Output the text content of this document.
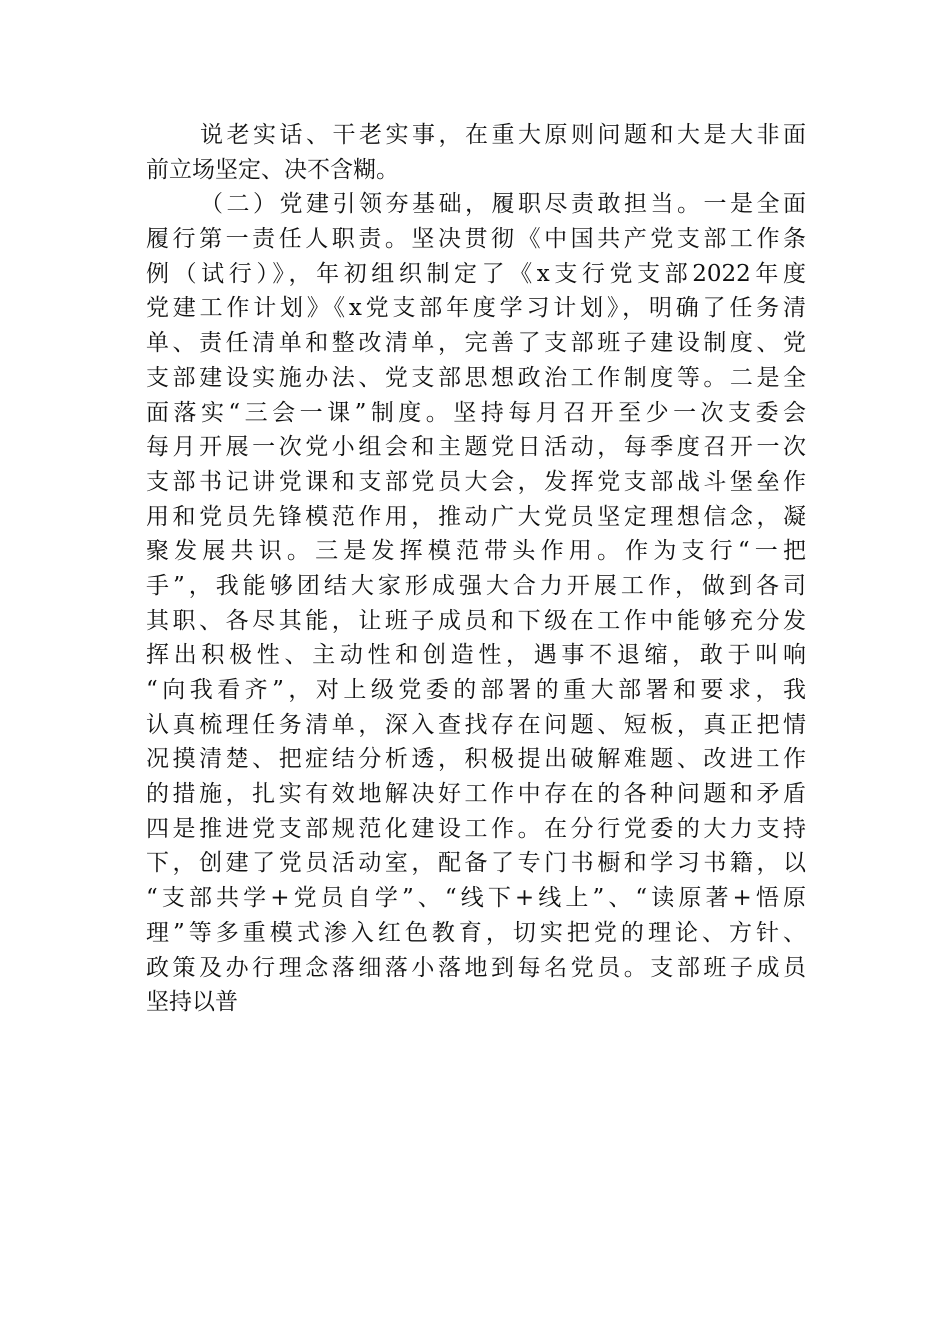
说老实话、干老实事，在重大原则问题和大是大非面
前立场坚定、决不含糊。
（二）党建引领夯基础，履职尽责敢担当。一是全面
履行第一责任人职责。坚决贯彻《中国共产党支部工作条
例（试行）》，年初组织制定了《x支行党支部2022年度
党建工作计划》《x党支部年度学习计划》，明确了任务清
单、责任清单和整改清单，完善了支部班子建设制度、党
支部建设实施办法、党支部思想政治工作制度等。二是全
面落实“三会一课”制度。坚持每月召开至少一次支委会
每月开展一次党小组会和主题党日活动，每季度召开一次
支部书记讲党课和支部党员大会，发挥党支部战斗堡垒作
用和党员先锋模范作用，推动广大党员坚定理想信念，凝
聚发展共识。三是发挥模范带头作用。作为支行“一把
手”，我能够团结大家形成强大合力开展工作，做到各司
其职、各尽其能，让班子成员和下级在工作中能够充分发
挥出积极性、主动性和创造性，遇事不退缩，敢于叫响
“向我看齐”，对上级党委的部署的重大部署和要求，我
认真梳理任务清单，深入查找存在问题、短板，真正把情
况摸清楚、把症结分析透，积极提出破解难题、改进工作
的措施，扎实有效地解决好工作中存在的各种问题和矛盾
四是推进党支部规范化建设工作。在分行党委的大力支持
下，创建了党员活动室，配备了专门书橱和学习书籍，以
“支部共学+党员自学”、“线下+线上”、“读原著+悟原
理”等多重模式渗入红色教育，切实把党的理论、方针、
政策及办行理念落细落小落地到每名党员。支部班子成员
坚持以普
